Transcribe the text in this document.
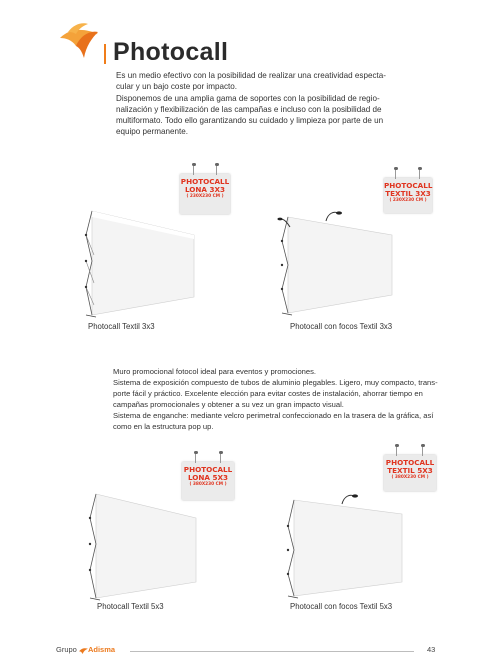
Photocall
Es un medio efectivo con la posibilidad de realizar una creatividad especta-
cular y un bajo coste por impacto.
Disponemos de una amplia gama de soportes con la posibilidad de regio-
nalización y flexibilización de las campañas e incluso con la posibilidad de
multiformato. Todo ello garantizando su cuidado y limpieza por parte de un
equipo permanente.
PHOTOCALL
LONA 3X3
( 230X230 CM )
Photocall Textil 3x3
PHOTOCALL
TEXTIL 3X3
( 230X230 CM )
Photocall con focos Textil 3x3
Muro promocional fotocol ideal para eventos y promociones.
Sistema de exposición compuesto de tubos de aluminio plegables. Ligero, muy compacto, trans-
porte fácil y práctico. Excelente elección para evitar costes de instalación, ahorrar tiempo en
campañas promocionales y obtener a su vez un gran impacto visual.
Sistema de enganche: mediante velcro perimetral confeccionado en la trasera de la gráfica, así
como en la estructura pop up.
PHOTOCALL
LONA 5X3
( 380X230 CM )
Photocall Textil 5x3
PHOTOCALL
TEXTIL 5X3
( 380X230 CM )
Photocall con focos Textil 5x3
Grupo Adisma	43
